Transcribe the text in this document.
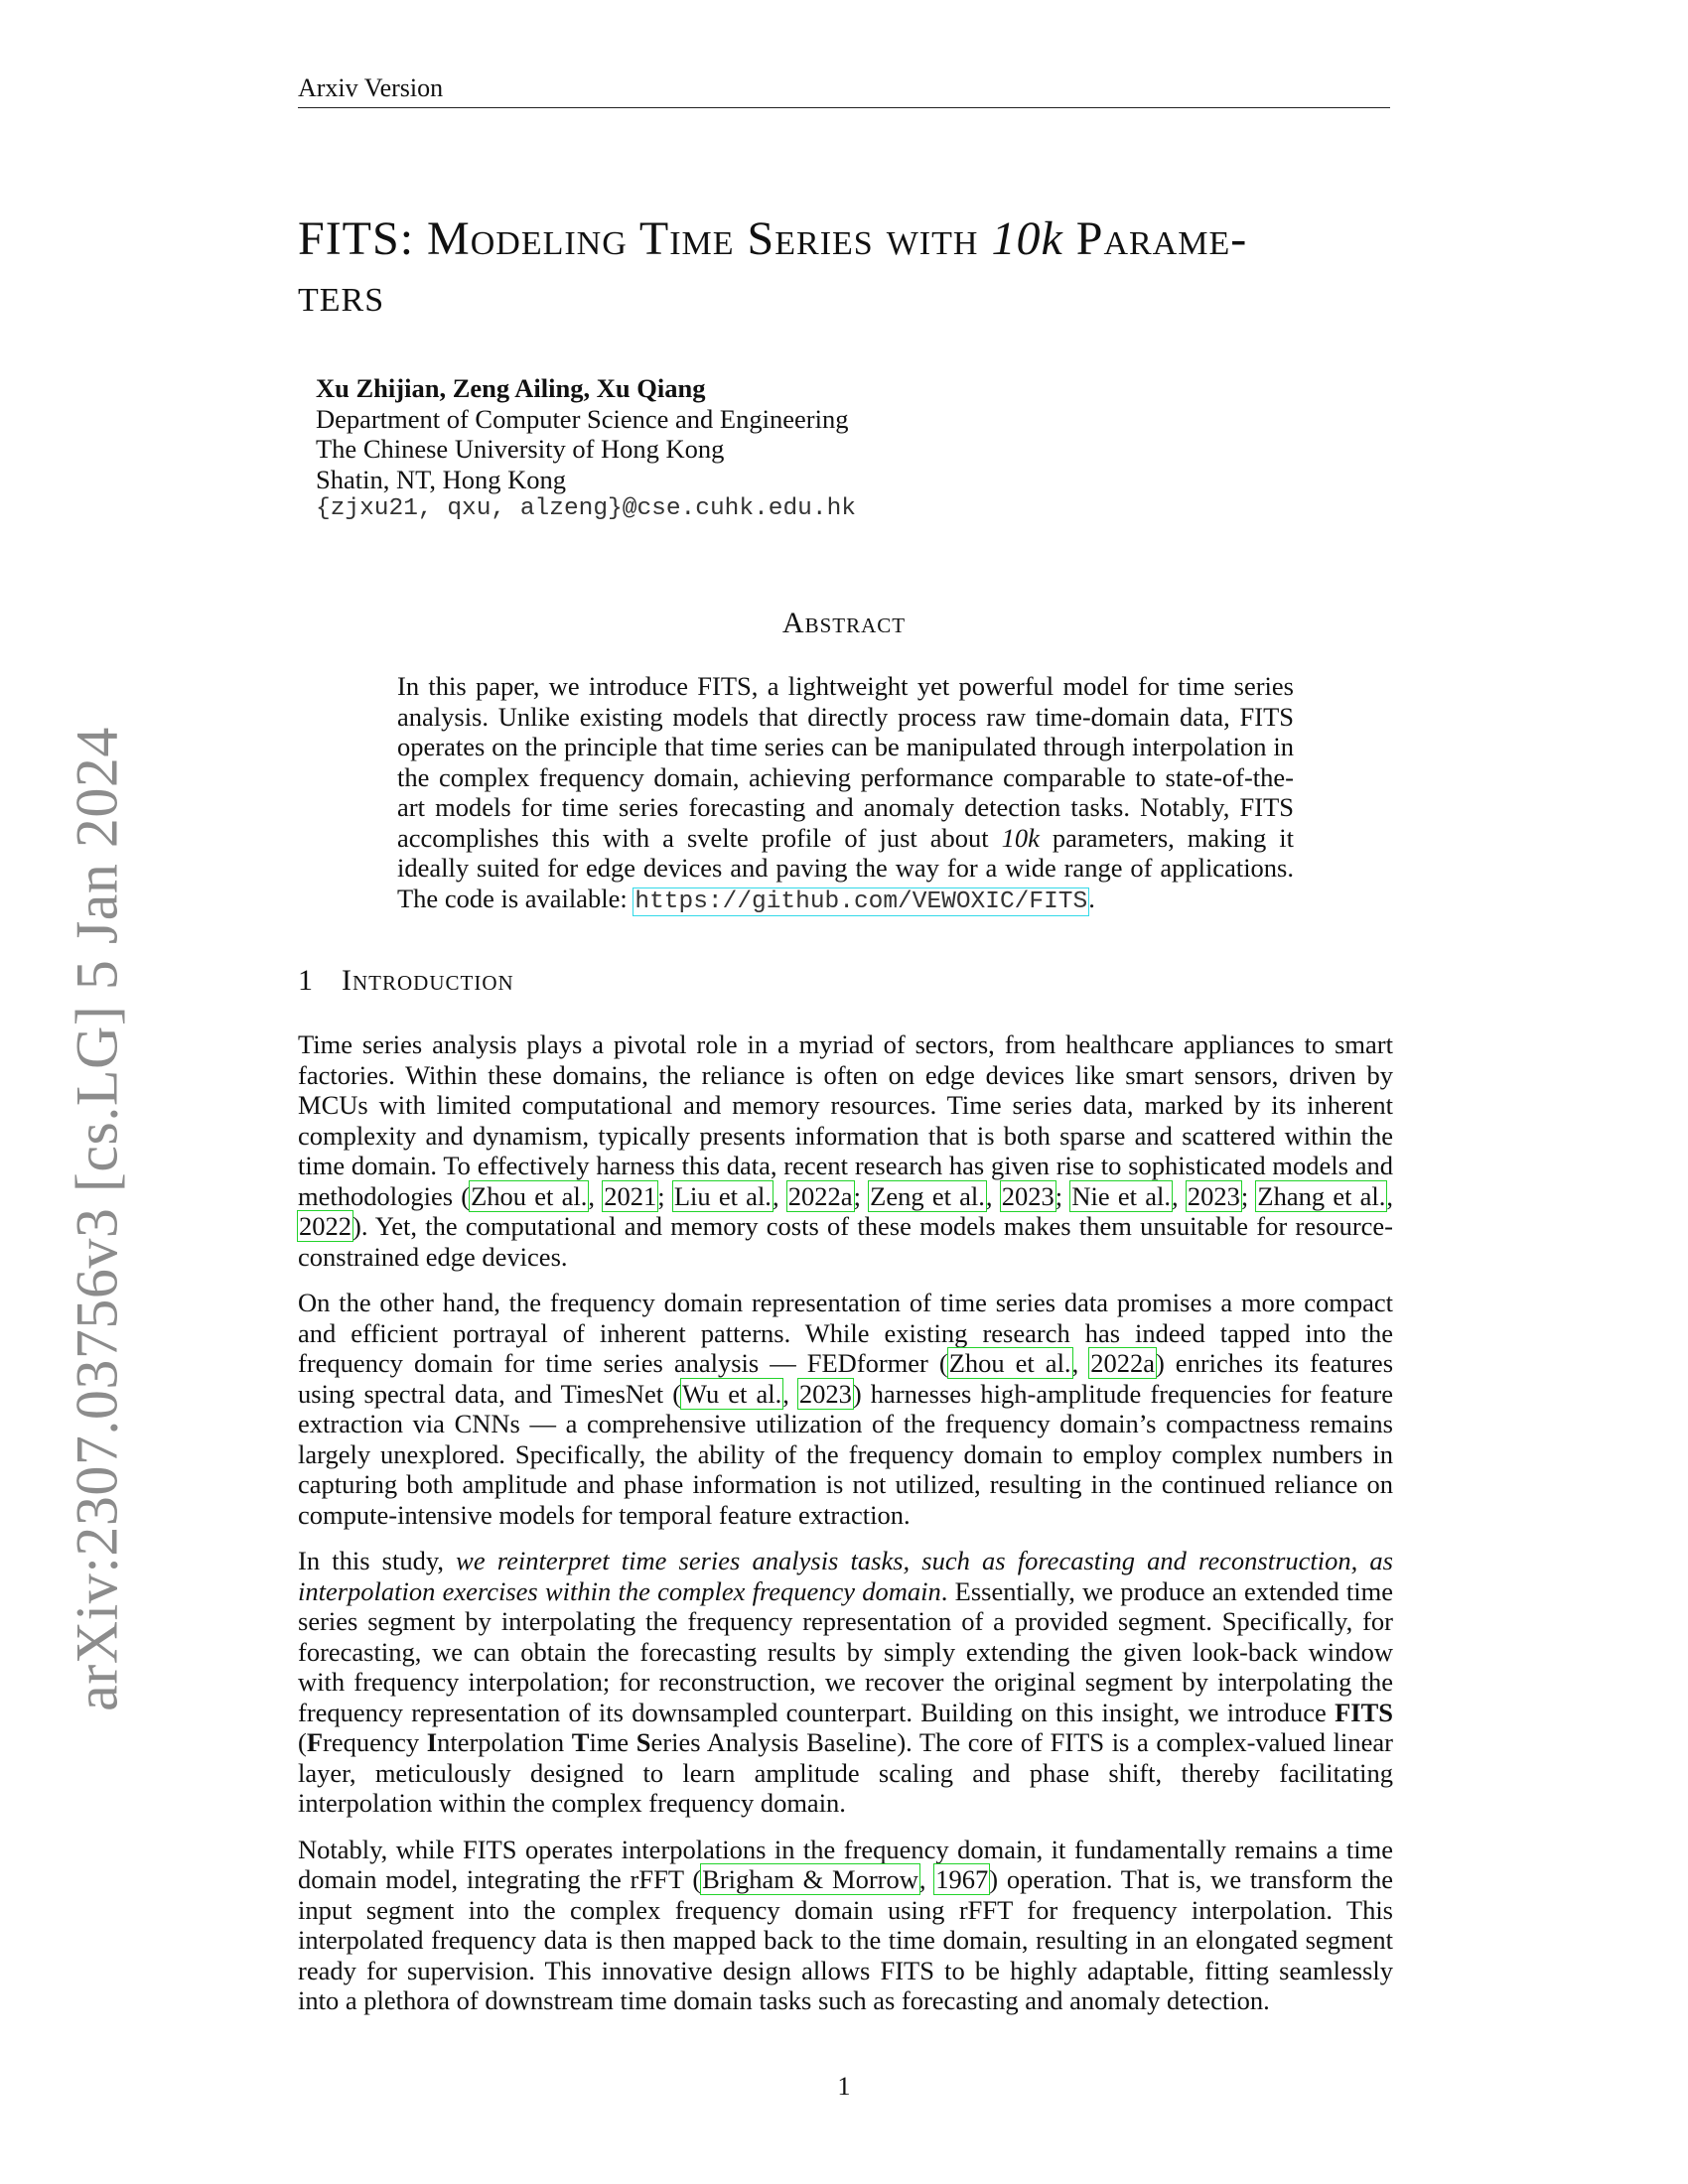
Arxiv Version
arXiv:2307.03756v3 [cs.LG] 5 Jan 2024
FITS: Modeling Time Series with 10k Parame-
ters
Xu Zhijian, Zeng Ailing, Xu Qiang
Department of Computer Science and Engineering
The Chinese University of Hong Kong
Shatin, NT, Hong Kong
{zjxu21, qxu, alzeng}@cse.cuhk.edu.hk
Abstract
In this paper, we introduce FITS, a lightweight yet powerful model for time series analysis. Unlike existing models that directly process raw time-domain data, FITS operates on the principle that time series can be manipulated through interpolation in the complex frequency domain, achieving performance comparable to state-of-the-art models for time series forecasting and anomaly detection tasks. Notably, FITS accomplishes this with a svelte profile of just about 10k parameters, making it ideally suited for edge devices and paving the way for a wide range of applications. The code is available: https://github.com/VEWOXIC/FITS.
1 Introduction

Time series analysis plays a pivotal role in a myriad of sectors, from healthcare appliances to smart factories. Within these domains, the reliance is often on edge devices like smart sensors, driven by MCUs with limited computational and memory resources. Time series data, marked by its inherent complexity and dynamism, typically presents information that is both sparse and scattered within the time domain. To effectively harness this data, recent research has given rise to sophisticated models and methodologies (Zhou et al., 2021; Liu et al., 2022a; Zeng et al., 2023; Nie et al., 2023; Zhang et al., 2022). Yet, the computational and memory costs of these models makes them unsuitable for resource-constrained edge devices.

On the other hand, the frequency domain representation of time series data promises a more compact and efficient portrayal of inherent patterns. While existing research has indeed tapped into the frequency domain for time series analysis — FEDformer (Zhou et al., 2022a) enriches its features using spectral data, and TimesNet (Wu et al., 2023) harnesses high-amplitude frequencies for feature extraction via CNNs — a comprehensive utilization of the frequency domain’s compactness remains largely unexplored. Specifically, the ability of the frequency domain to employ complex numbers in capturing both amplitude and phase information is not utilized, resulting in the continued reliance on compute-intensive models for temporal feature extraction.

In this study, we reinterpret time series analysis tasks, such as forecasting and reconstruction, as interpolation exercises within the complex frequency domain. Essentially, we produce an extended time series segment by interpolating the frequency representation of a provided segment. Specifically, for forecasting, we can obtain the forecasting results by simply extending the given look-back window with frequency interpolation; for reconstruction, we recover the original segment by interpolating the frequency representation of its downsampled counterpart. Building on this insight, we introduce FITS (Frequency Interpolation Time Series Analysis Baseline). The core of FITS is a complex-valued linear layer, meticulously designed to learn amplitude scaling and phase shift, thereby facilitating interpolation within the complex frequency domain.

Notably, while FITS operates interpolations in the frequency domain, it fundamentally remains a time domain model, integrating the rFFT (Brigham & Morrow, 1967) operation. That is, we transform the input segment into the complex frequency domain using rFFT for frequency interpolation. This interpolated frequency data is then mapped back to the time domain, resulting in an elongated segment ready for supervision. This innovative design allows FITS to be highly adaptable, fitting seamlessly into a plethora of downstream time domain tasks such as forecasting and anomaly detection.

1
